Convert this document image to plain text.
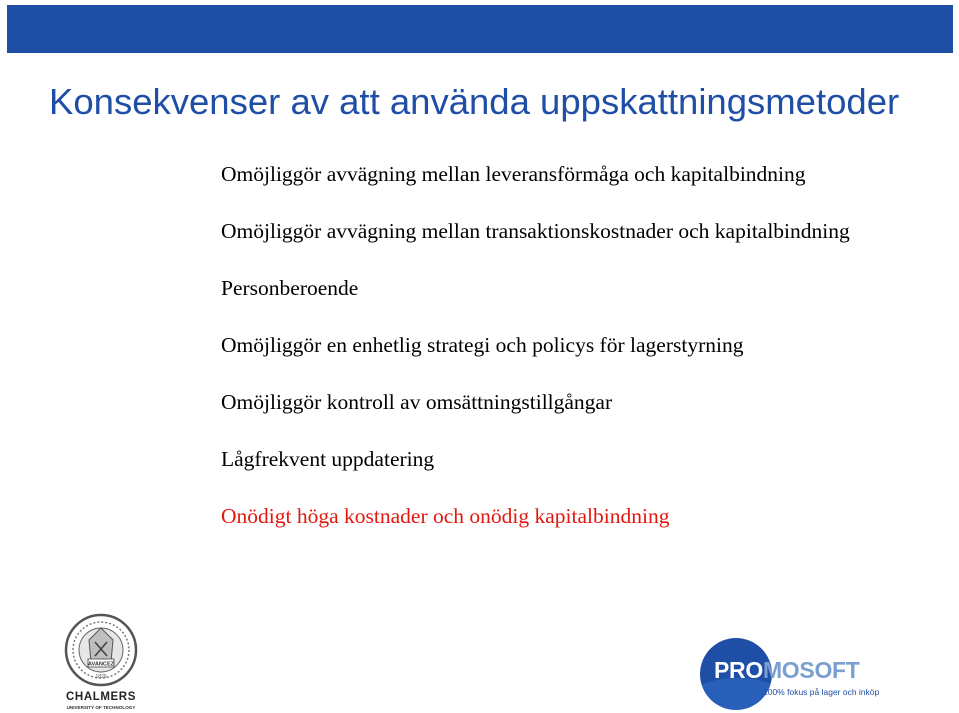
Konsekvenser av att använda uppskattningsmetoder
Omöjliggör avvägning mellan leveransförmåga och kapitalbindning
Omöjliggör avvägning mellan transaktionskostnader och kapitalbindning
Personberoende
Omöjliggör en enhetlig strategi och policys för lagerstyrning
Omöjliggör kontroll av omsättningstillgångar
Lågfrekvent uppdatering
Onödigt höga kostnader och onödig kapitalbindning
AVANCEZ
1829
CHALMERS
UNIVERSITY OF TECHNOLOGY
PROMOSOFT
100% fokus på lager och inköp
